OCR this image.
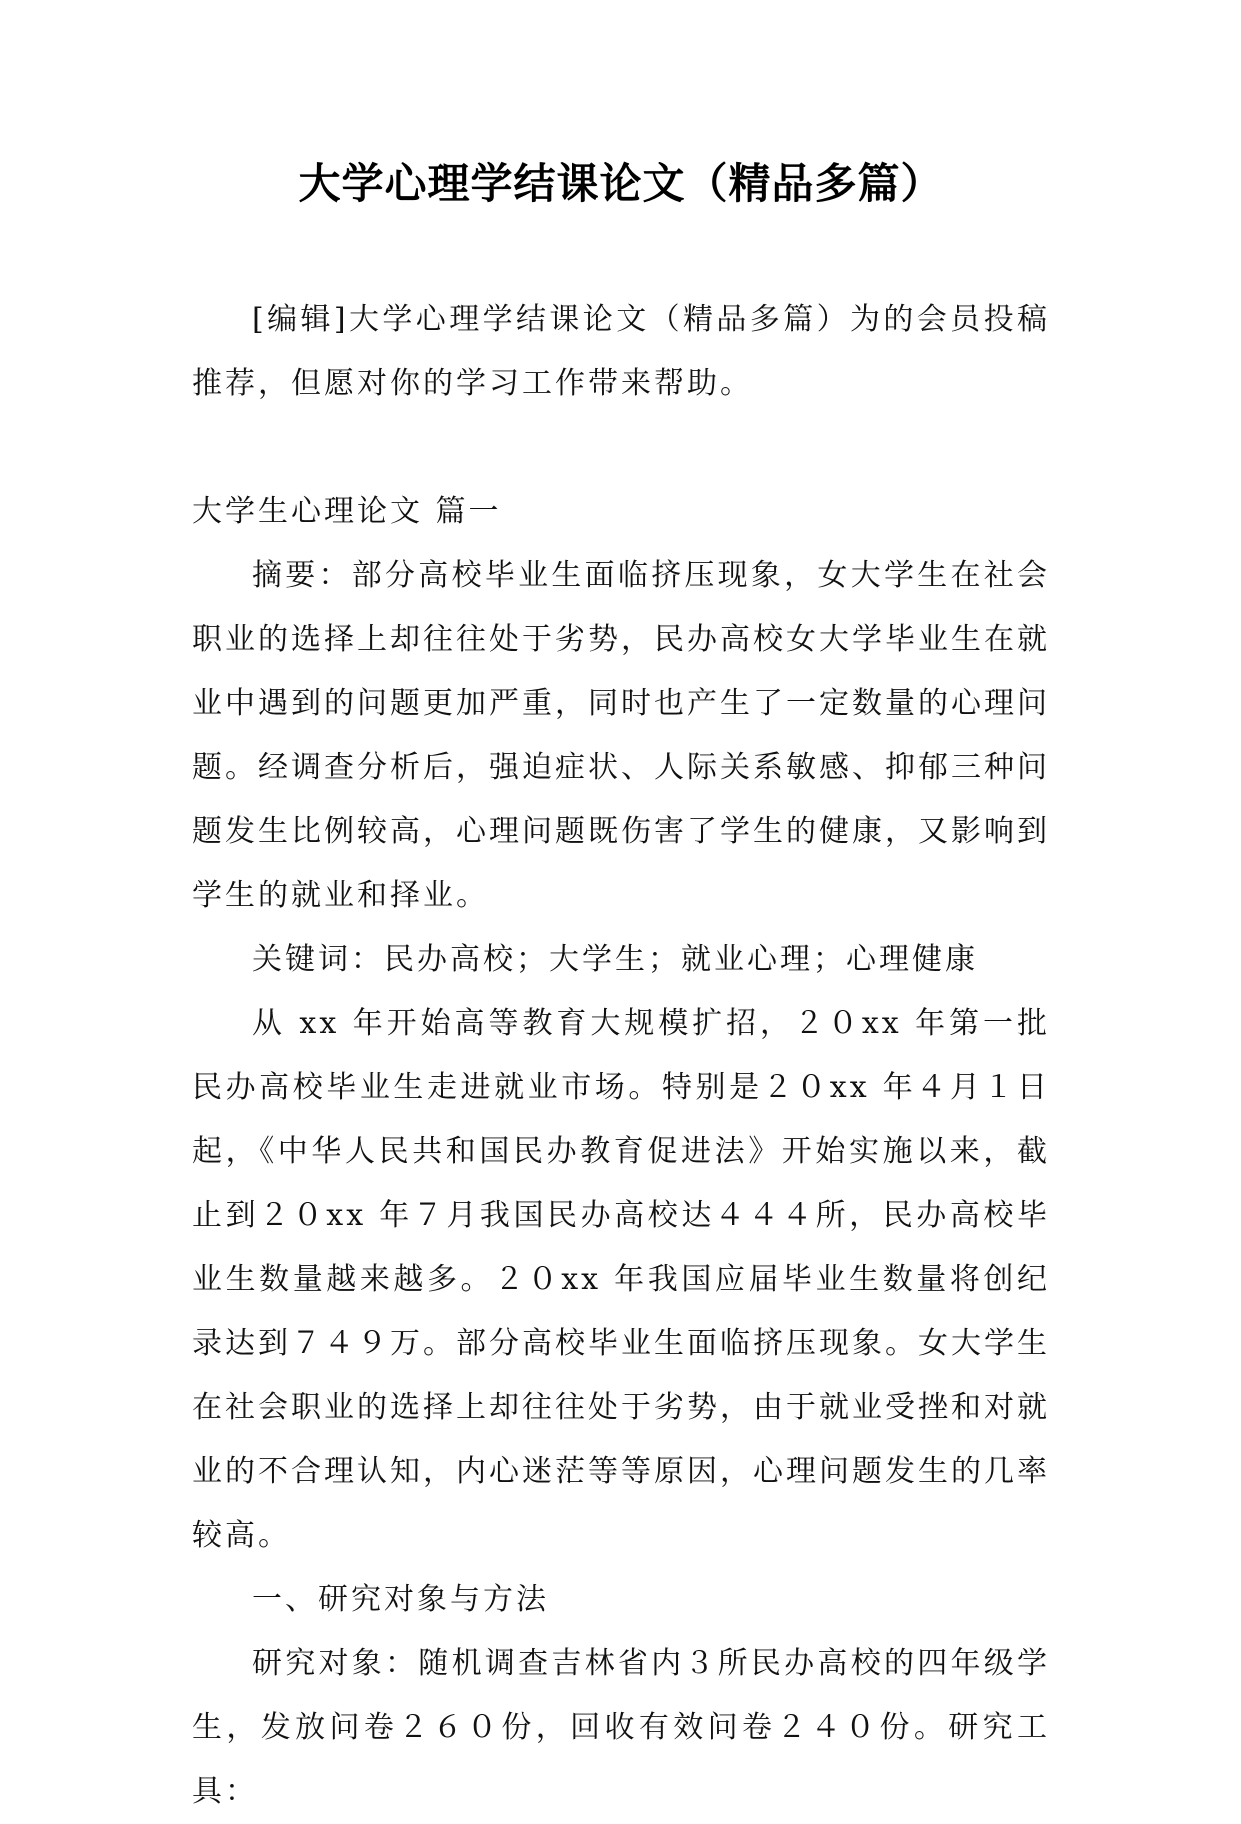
大学心理学结课论文（精品多篇）

[编辑]大学心理学结课论文（精品多篇）为的会员投稿推荐，但愿对你的学习工作带来帮助。

大学生心理论文 篇一

摘要：部分高校毕业生面临挤压现象，女大学生在社会职业的选择上却往往处于劣势，民办高校女大学毕业生在就业中遇到的问题更加严重，同时也产生了一定数量的心理问题。经调查分析后，强迫症状、人际关系敏感、抑郁三种问题发生比例较高，心理问题既伤害了学生的健康，又影响到学生的就业和择业。

关键词：民办高校；大学生；就业心理；心理健康

从 xx 年开始高等教育大规模扩招，２０xx 年第一批民办高校毕业生走进就业市场。特别是２０xx 年４月１日起，《中华人民共和国民办教育促进法》开始实施以来，截止到２０xx 年７月我国民办高校达４４４所，民办高校毕业生数量越来越多。２０xx 年我国应届毕业生数量将创纪录达到７４９万。部分高校毕业生面临挤压现象。女大学生在社会职业的选择上却往往处于劣势，由于就业受挫和对就业的不合理认知，内心迷茫等等原因，心理问题发生的几率较高。

一、研究对象与方法

研究对象：随机调查吉林省内３所民办高校的四年级学生，发放问卷２６０份，回收有效问卷２４０份。研究工具：
